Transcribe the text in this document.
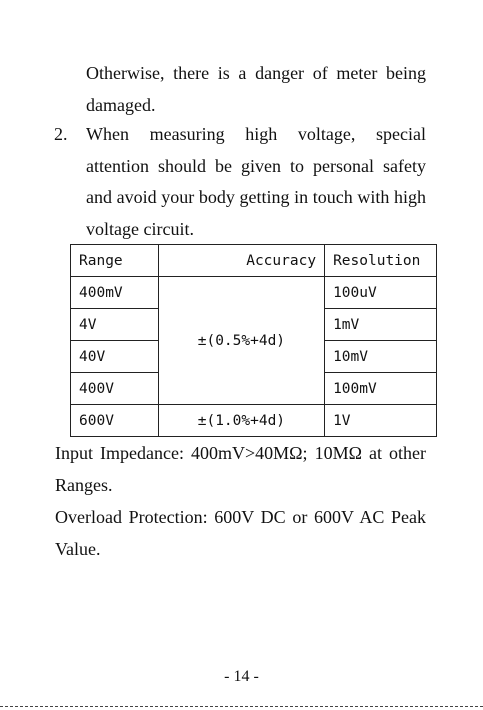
Otherwise, there is a danger of meter being damaged.
2. When measuring high voltage, special attention should be given to personal safety and avoid your body getting in touch with high voltage circuit.
Range	Accuracy	Resolution
400mV	±(0.5%+4d)	100uV
4V		1mV
40V		10mV
400V		100mV
600V	±(1.0%+4d)	1V
Input Impedance: 400mV>40MΩ; 10MΩ at other Ranges.
Overload Protection: 600V DC or 600V AC Peak Value.
- 14 -
